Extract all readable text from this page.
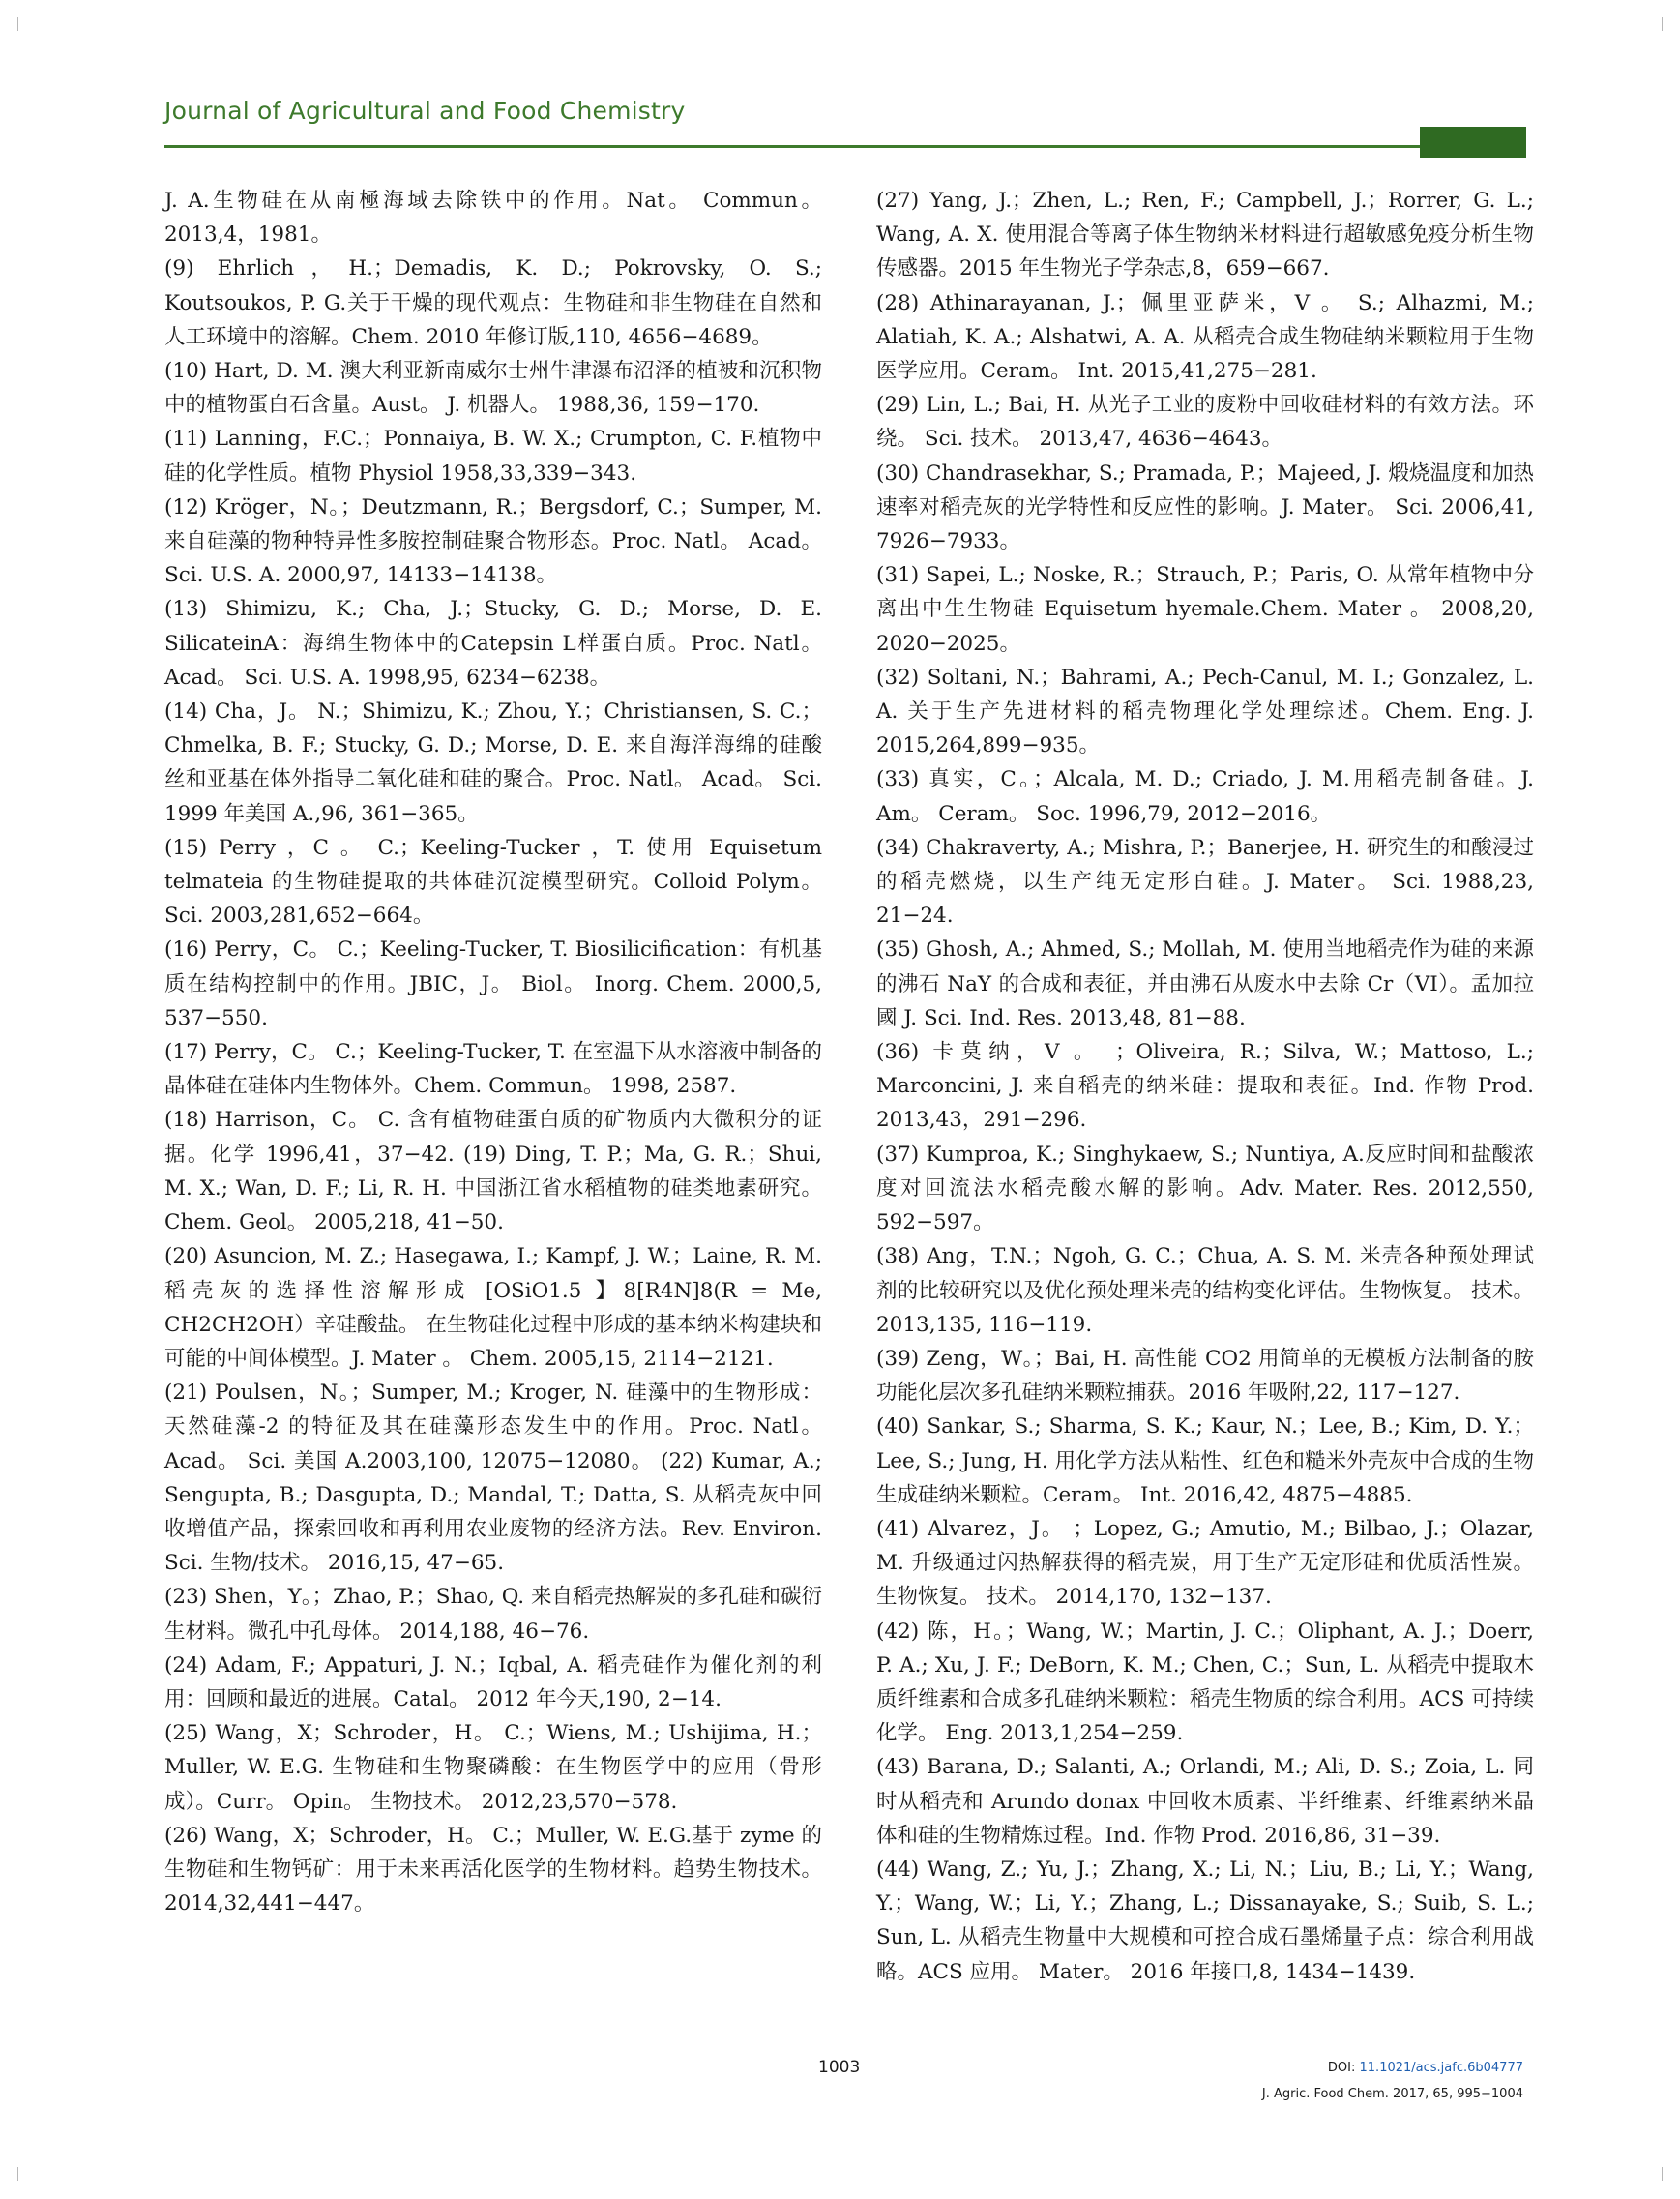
Journal of Agricultural and Food Chemistry

J. A.生物硅在从南極海域去除铁中的作用。Nat。 Commun。 2013,4，1981。

(9) Ehrlich，H.；Demadis, K. D.; Pokrovsky, O. S.; Koutsoukos, P. G.关于干燥的现代观点：生物硅和非生物硅在自然和人工环境中的溶解。Chem. 2010 年修订版,110, 4656−4689。

(10) Hart, D. M. 澳大利亚新南威尔士州牛津瀑布沼泽的植被和沉积物中的植物蛋白石含量。Aust。 J. 机器人。 1988,36, 159−170.

(11) Lanning，F.C.；Ponnaiya, B. W. X.; Crumpton, C. F.植物中硅的化学性质。植物 Physiol 1958,33,339−343.

(12) Kröger，N。；Deutzmann, R.；Bergsdorf, C.；Sumper, M. 来自硅藻的物种特异性多胺控制硅聚合物形态。Proc. Natl。 Acad。 Sci. U.S. A. 2000,97, 14133−14138。

(13) Shimizu, K.; Cha, J.；Stucky, G. D.; Morse, D. E. SilicateinA：海绵生物体中的Catepsin L样蛋白质。Proc. Natl。 Acad。 Sci. U.S. A. 1998,95, 6234−6238。

(14) Cha，J。 N.；Shimizu, K.; Zhou, Y.；Christiansen, S. C.；Chmelka, B. F.; Stucky, G. D.; Morse, D. E. 来自海洋海绵的硅酸丝和亚基在体外指导二氧化硅和硅的聚合。Proc. Natl。 Acad。 Sci. 1999 年美国 A.,96, 361−365。

(15) Perry ，C 。 C.；Keeling-Tucker ，T. 使用 Equisetum telmateia 的生物硅提取的共体硅沉淀模型研究。Colloid Polym。 Sci. 2003,281,652−664。

(16) Perry，C。 C.；Keeling-Tucker, T. Biosilicification：有机基质在结构控制中的作用。JBIC，J。 Biol。 Inorg. Chem. 2000,5, 537−550.

(17) Perry，C。 C.；Keeling-Tucker, T. 在室温下从水溶液中制备的晶体硅在硅体内生物体外。Chem. Commun。 1998, 2587.

(18) Harrison，C。 C. 含有植物硅蛋白质的矿物质内大微积分的证据。化学 1996,41，37−42. (19) Ding, T. P.；Ma, G. R.；Shui, M. X.; Wan, D. F.; Li, R. H. 中国浙江省水稻植物的硅类地素研究。Chem. Geol。 2005,218, 41−50.

(20) Asuncion, M. Z.; Hasegawa, I.; Kampf, J. W.；Laine, R. M. 稻壳灰的选择性溶解形成 [OSiO1.5 】8[R4N]8(R = Me, CH2CH2OH）辛硅酸盐。 在生物硅化过程中形成的基本纳米构建块和可能的中间体模型。J. Mater 。 Chem. 2005,15, 2114−2121.

(21) Poulsen，N。；Sumper, M.; Kroger, N. 硅藻中的生物形成：天然硅藻-2 的特征及其在硅藻形态发生中的作用。Proc. Natl。 Acad。 Sci. 美国 A.2003,100, 12075−12080。 (22) Kumar, A.; Sengupta, B.; Dasgupta, D.; Mandal, T.; Datta, S. 从稻壳灰中回收增值产品，探索回收和再利用农业废物的经济方法。Rev. Environ. Sci. 生物/技术。 2016,15, 47−65.

(23) Shen，Y。；Zhao, P.；Shao, Q. 来自稻壳热解炭的多孔硅和碳衍生材料。微孔中孔母体。 2014,188, 46−76.

(24) Adam, F.; Appaturi, J. N.；Iqbal, A. 稻壳硅作为催化剂的利用：回顾和最近的进展。Catal。 2012 年今天,190, 2−14.

(25) Wang，X；Schroder，H。 C.；Wiens, M.; Ushijima, H.；Muller, W. E.G. 生物硅和生物聚磷酸：在生物医学中的应用（骨形成）。Curr。 Opin。 生物技术。 2012,23,570−578.

(26) Wang，X；Schroder，H。 C.；Muller, W. E.G.基于 zyme 的生物硅和生物钙矿：用于未来再活化医学的生物材料。趋势生物技术。 2014,32,441−447。

(27) Yang, J.；Zhen, L.; Ren, F.; Campbell, J.；Rorrer, G. L.; Wang, A. X. 使用混合等离子体生物纳米材料进行超敏感免疫分析生物传感器。2015 年生物光子学杂志,8，659−667.

(28) Athinarayanan, J.；佩里亚萨米，V 。 S.; Alhazmi, M.; Alatiah, K. A.; Alshatwi, A. A. 从稻壳合成生物硅纳米颗粒用于生物医学应用。Ceram。 Int. 2015,41,275−281.

(29) Lin, L.; Bai, H. 从光子工业的废粉中回收硅材料的有效方法。环绕。 Sci. 技术。 2013,47, 4636−4643。

(30) Chandrasekhar, S.; Pramada, P.；Majeed, J. 煅烧温度和加热速率对稻壳灰的光学特性和反应性的影响。J. Mater。 Sci. 2006,41, 7926−7933。

(31) Sapei, L.; Noske, R.；Strauch, P.；Paris, O. 从常年植物中分离出中生生物硅 Equisetum hyemale.Chem. Mater 。 2008,20, 2020−2025。

(32) Soltani, N.；Bahrami, A.; Pech-Canul, M. I.; Gonzalez, L. A. 关于生产先进材料的稻壳物理化学处理综述。Chem. Eng. J. 2015,264,899−935。

(33) 真实，C。；Alcala, M. D.; Criado, J. M.用稻壳制备硅。J. Am。 Ceram。 Soc. 1996,79, 2012−2016。

(34) Chakraverty, A.; Mishra, P.；Banerjee, H. 研究生的和酸浸过的稻壳燃烧，以生产纯无定形白硅。J. Mater。 Sci. 1988,23, 21−24.

(35) Ghosh, A.; Ahmed, S.; Mollah, M. 使用当地稻壳作为硅的来源的沸石 NaY 的合成和表征，并由沸石从废水中去除 Cr（VI）。孟加拉國 J. Sci. Ind. Res. 2013,48, 81−88.

(36) 卡莫纳，V 。 ；Oliveira, R.；Silva, W.；Mattoso, L.; Marconcini, J. 来自稻壳的纳米硅：提取和表征。Ind. 作物 Prod. 2013,43，291−296.

(37) Kumproa, K.; Singhykaew, S.; Nuntiya, A.反应时间和盐酸浓度对回流法水稻壳酸水解的影响。Adv. Mater. Res. 2012,550, 592−597。

(38) Ang，T.N.；Ngoh, G. C.；Chua, A. S. M. 米壳各种预处理试剂的比较研究以及优化预处理米壳的结构变化评估。生物恢复。 技术。 2013,135, 116−119.

(39) Zeng，W。；Bai, H. 高性能 CO2 用简单的无模板方法制备的胺功能化层次多孔硅纳米颗粒捕获。2016 年吸附,22, 117−127.

(40) Sankar, S.; Sharma, S. K.; Kaur, N.；Lee, B.; Kim, D. Y.；Lee, S.; Jung, H. 用化学方法从粘性、红色和糙米外壳灰中合成的生物生成硅纳米颗粒。Ceram。 Int. 2016,42, 4875−4885.

(41) Alvarez，J。 ；Lopez, G.; Amutio, M.; Bilbao, J.；Olazar, M. 升级通过闪热解获得的稻壳炭，用于生产无定形硅和优质活性炭。生物恢复。 技术。 2014,170, 132−137.

(42) 陈，H。；Wang, W.；Martin, J. C.；Oliphant, A. J.；Doerr, P. A.; Xu, J. F.; DeBorn, K. M.; Chen, C.；Sun, L. 从稻壳中提取木质纤维素和合成多孔硅纳米颗粒：稻壳生物质的综合利用。ACS 可持续化学。 Eng. 2013,1,254−259.

(43) Barana, D.; Salanti, A.; Orlandi, M.; Ali, D. S.; Zoia, L. 同时从稻壳和 Arundo donax 中回收木质素、半纤维素、纤维素纳米晶体和硅的生物精炼过程。Ind. 作物 Prod. 2016,86, 31−39.

(44) Wang, Z.; Yu, J.；Zhang, X.; Li, N.；Liu, B.; Li, Y.；Wang, Y.；Wang, W.；Li, Y.；Zhang, L.; Dissanayake, S.; Suib, S. L.; Sun, L. 从稻壳生物量中大规模和可控合成石墨烯量子点：综合利用战略。ACS 应用。 Mater。 2016 年接口,8, 1434−1439.

1003	DOI: 11.1021/acs.jafc.6b04777
J. Agric. Food Chem. 2017, 65, 995−1004
